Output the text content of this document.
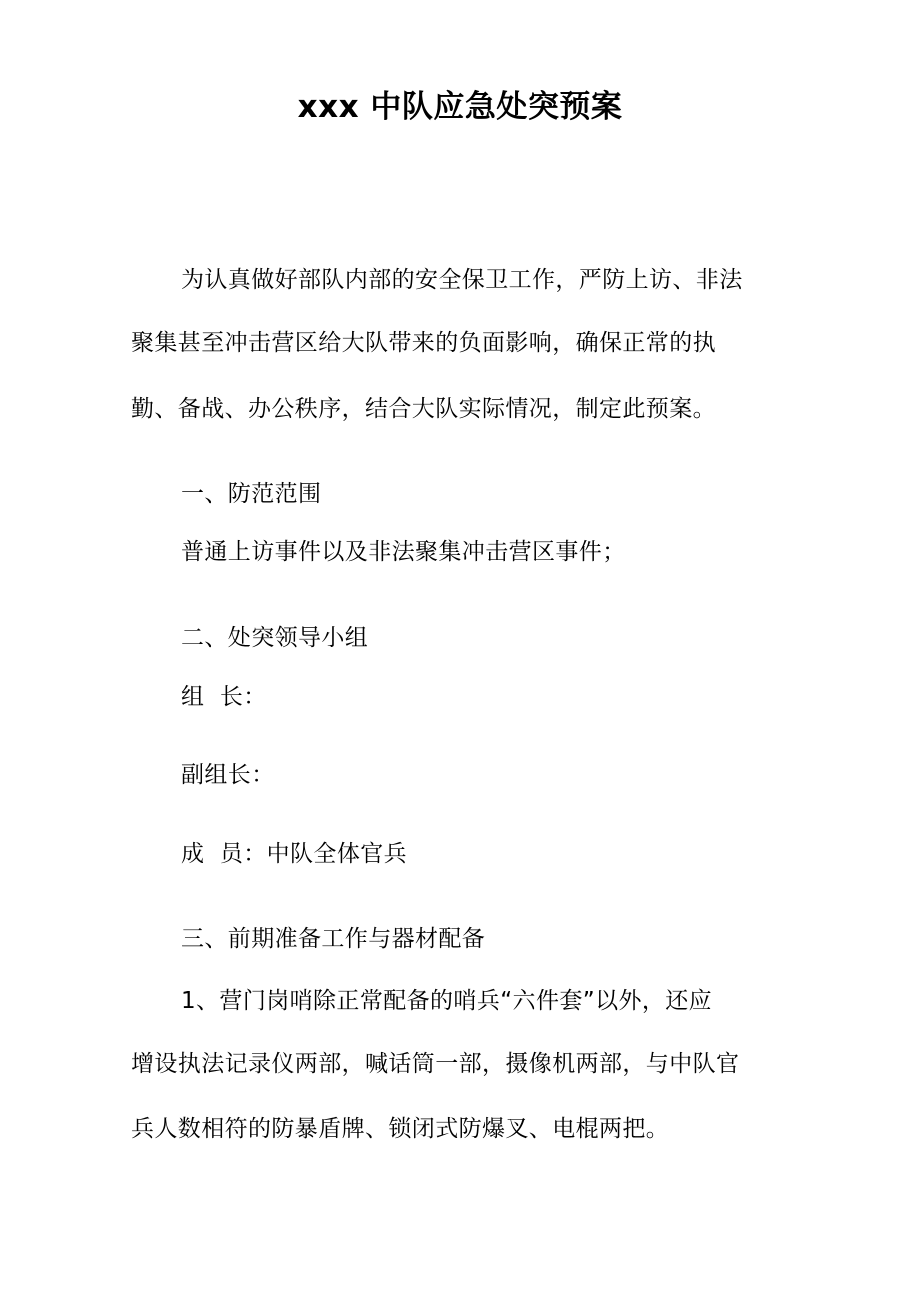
xxx 中队应急处突预案
为认真做好部队内部的安全保卫工作，严防上访、非法
聚集甚至冲击营区给大队带来的负面影响，确保正常的执
勤、备战、办公秩序，结合大队实际情况，制定此预案。
一、防范范围
普通上访事件以及非法聚集冲击营区事件；
二、处突领导小组
组  长：
副组长：
成  员：中队全体官兵
三、前期准备工作与器材配备
1、营门岗哨除正常配备的哨兵“六件套”以外，还应
增设执法记录仪两部，喊话筒一部，摄像机两部，与中队官
兵人数相符的防暴盾牌、锁闭式防爆叉、电棍两把。
